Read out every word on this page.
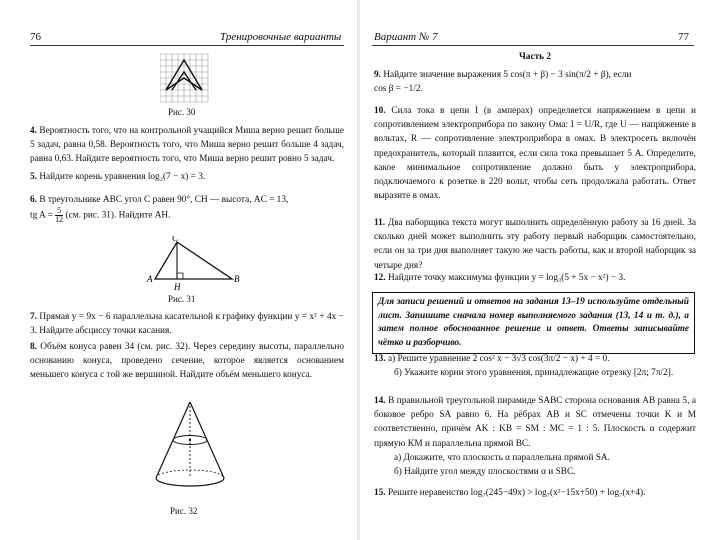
76	Тренировочные варианты
Рис. 30
4. Вероятность того, что на контрольной учащийся Миша верно решит больше 5 задач, равна 0,58. Вероятность того, что Миша верно решит больше 4 задач, равна 0,63. Найдите вероятность того, что Миша верно решит ровно 5 задач.
5. Найдите корень уравнения log₂(7 − x) = 3.
6. В треугольнике ABC угол C равен 90°, CH — высота, AC = 13,
tg $A = \frac{5}{12} (см$. рис. 31). Найдите AH.
A	B
C
H
Рис. 31
7. Прямая y = 9x − 6 параллельна касательной к графику функции y = x² + 4x − 3. Найдите абсциссу точки касания.
8. Объём конуса равен 34 (см. рис. 32). Через середину высоты, параллельно основанию конуса, проведено сечение, которое является основанием меньшего конуса с той же вершиной. Найдите объём меньшего конуса.
Рис. 32
Вариант № 7	77
Часть 2
9. Найдите значение выражения 5 cos(π + β) − 3 sin(π/2 + β), если
cos β = −1/2.
10. Сила тока в цепи I (в амперах) определяется напряжением в цепи и сопротивлением электроприбора по закону Ома: I = U/R, где U — напряжение в вольтах, R — сопротивление электроприбора в омах. В электросеть включён предохранитель, который плавится, если сила тока превышает 5 А. Определите, какое минимальное сопротивление должно быть у электроприбора, подключаемого к розетке в 220 вольт, чтобы сеть продолжала работать. Ответ выразите в омах.
11. Два наборщика текста могут выполнить определённую работу за 16 дней. За сколько дней может выполнить эту работу первый наборщик самостоятельно, если он за три дня выполняет такую же часть работы, как и второй наборщик за четыре дня?
12. Найдите точку максимума функции y = log₃(5 + 5x − x²) − 3.
Для записи решений и ответов на задания 13–19 используйте отдельный лист. Запишите сначала номер выполняемого задания (13, 14 и т. д.), а затем полное обоснованное решение и ответ. Ответы записывайте чётко и разборчиво.
13. а) Решите уравнение 2 cos² x − 3√3 cos(3π/2 − x) + 4 = 0.
б) Укажите корни этого уравнения, принадлежащие отрезку [2π; 7π/2].
14. В правильной треугольной пирамиде SABC сторона основания AB равна 5, а боковое ребро SA равно 6. На рёбрах AB и SC отмечены точки K и M соответственно, причём AK : KB = SM : MC = 1 : 5. Плоскость α содержит прямую KM и параллельна прямой BC.
а) Докажите, что плоскость α параллельна прямой SA.
б) Найдите угол между плоскостями α и SBC.
15. Решите неравенство log₇(245−49x) > log₇(x²−15x+50) + log₇(x+4).
